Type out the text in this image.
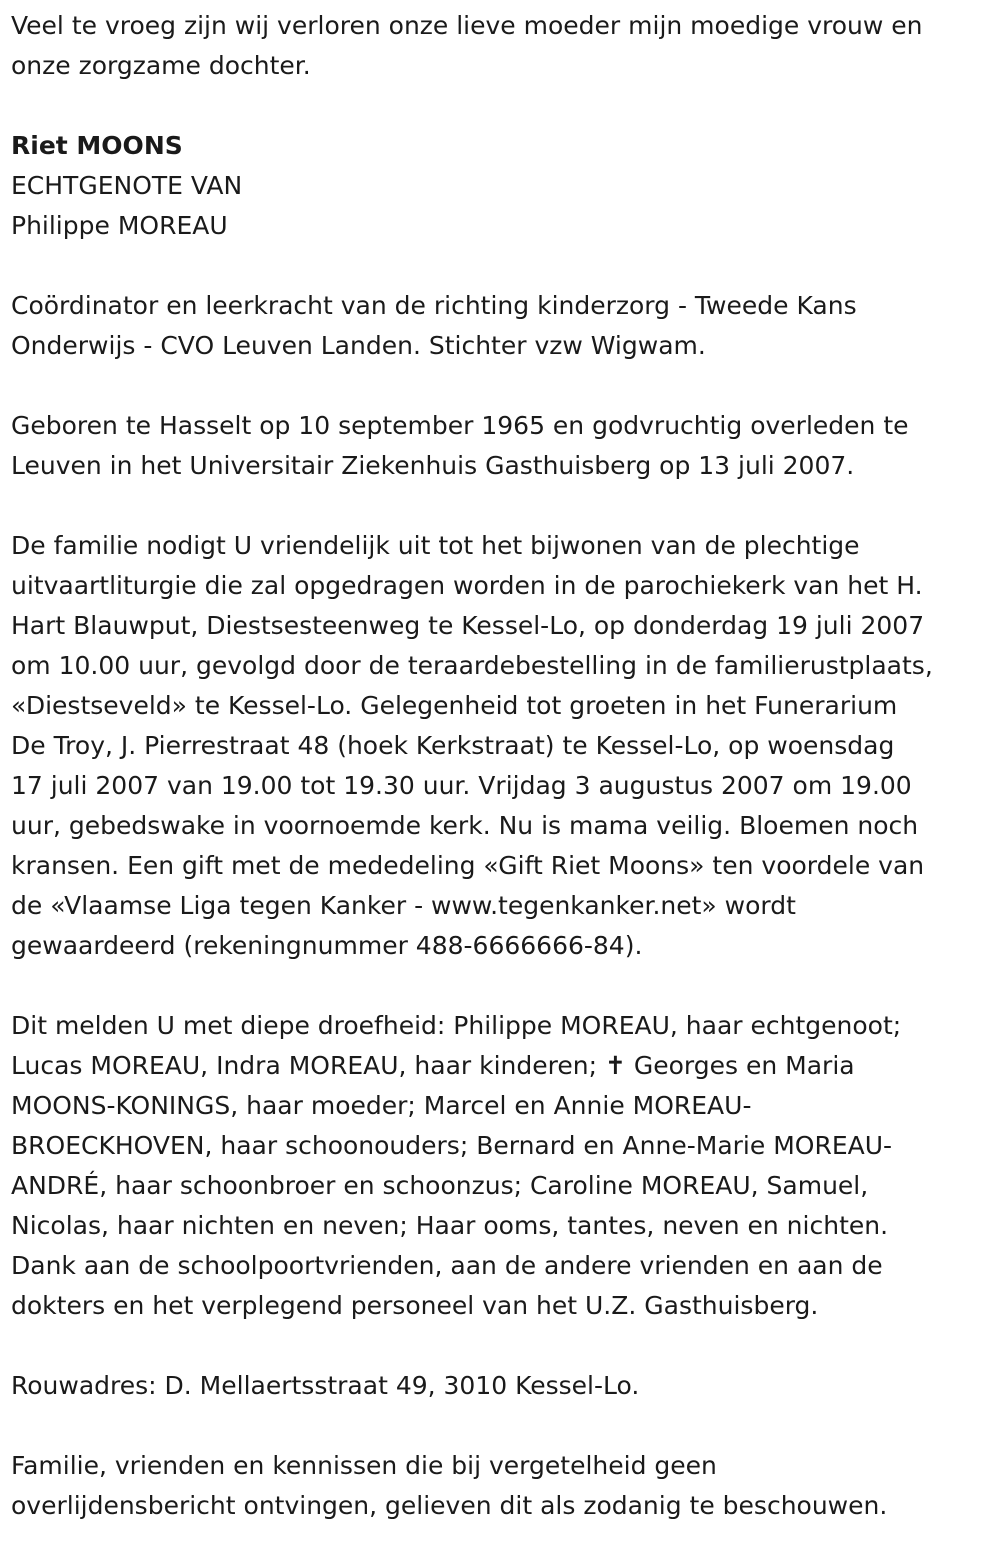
Veel te vroeg zijn wij verloren onze lieve moeder mijn moedige vrouw en
onze zorgzame dochter.

Riet MOONS
ECHTGENOTE VAN
Philippe MOREAU

Coördinator en leerkracht van de richting kinderzorg - Tweede Kans
Onderwijs - CVO Leuven Landen. Stichter vzw Wigwam.

Geboren te Hasselt op 10 september 1965 en godvruchtig overleden te
Leuven in het Universitair Ziekenhuis Gasthuisberg op 13 juli 2007.

De familie nodigt U vriendelijk uit tot het bijwonen van de plechtige
uitvaartliturgie die zal opgedragen worden in de parochiekerk van het H.
Hart Blauwput, Diestsesteenweg te Kessel-Lo, op donderdag 19 juli 2007
om 10.00 uur, gevolgd door de teraardebestelling in de familierustplaats,
«Diestseveld» te Kessel-Lo. Gelegenheid tot groeten in het Funerarium
De Troy, J. Pierrestraat 48 (hoek Kerkstraat) te Kessel-Lo, op woensdag
17 juli 2007 van 19.00 tot 19.30 uur. Vrijdag 3 augustus 2007 om 19.00
uur, gebedswake in voornoemde kerk. Nu is mama veilig. Bloemen noch
kransen. Een gift met de mededeling «Gift Riet Moons» ten voordele van
de «Vlaamse Liga tegen Kanker - www.tegenkanker.net» wordt
gewaardeerd (rekeningnummer 488-6666666-84).

Dit melden U met diepe droefheid: Philippe MOREAU, haar echtgenoot;
Lucas MOREAU, Indra MOREAU, haar kinderen; ✝ Georges en Maria
MOONS-KONINGS, haar moeder; Marcel en Annie MOREAU-
BROECKHOVEN, haar schoonouders; Bernard en Anne-Marie MOREAU-
ANDRÉ, haar schoonbroer en schoonzus; Caroline MOREAU, Samuel,
Nicolas, haar nichten en neven; Haar ooms, tantes, neven en nichten.
Dank aan de schoolpoortvrienden, aan de andere vrienden en aan de
dokters en het verplegend personeel van het U.Z. Gasthuisberg.

Rouwadres: D. Mellaertsstraat 49, 3010 Kessel-Lo.

Familie, vrienden en kennissen die bij vergetelheid geen
overlijdensbericht ontvingen, gelieven dit als zodanig te beschouwen.
